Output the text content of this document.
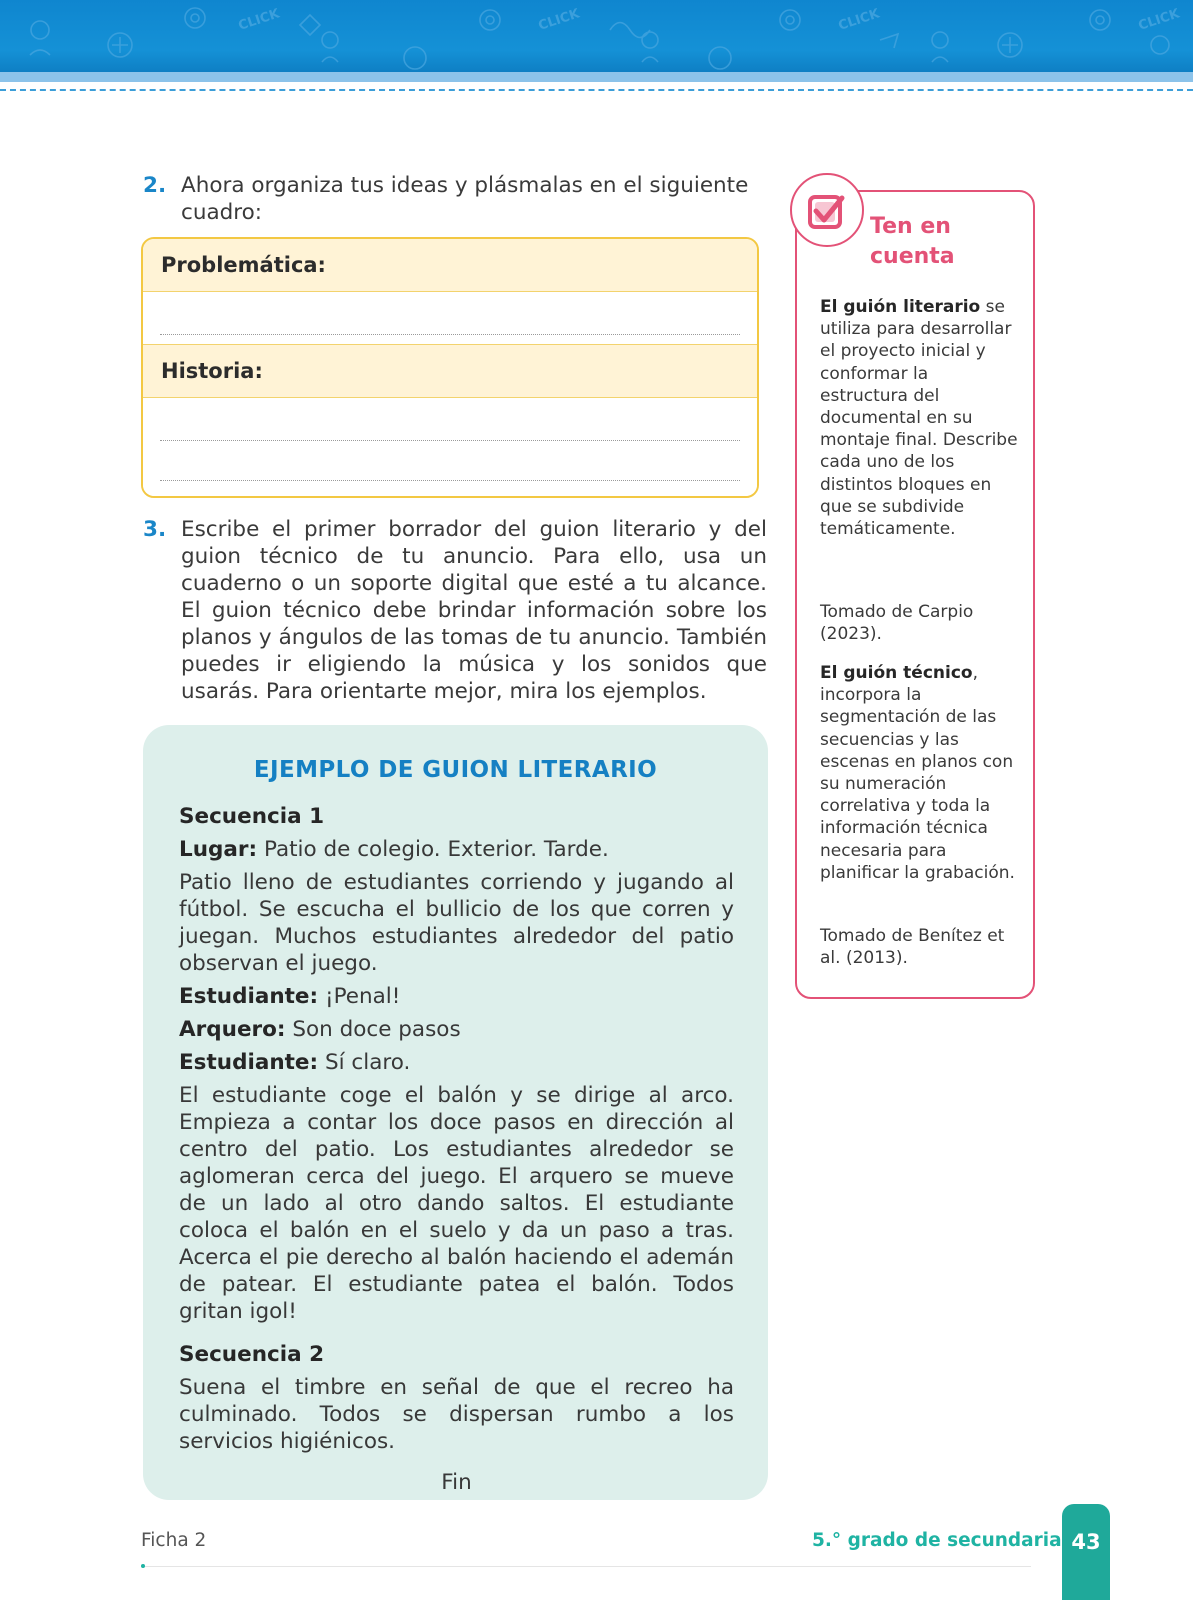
CLICK	CLICK	CLICK	CLICK
2. Ahora organiza tus ideas y plásmalas en el siguiente cuadro:
Problemática:
Historia:
3. Escribe el primer borrador del guion literario y del guion técnico de tu anuncio. Para ello, usa un cuaderno o un soporte digital que esté a tu alcance. El guion técnico debe brindar información sobre los planos y ángulos de las tomas de tu anuncio. También puedes ir eligiendo la música y los sonidos que usarás. Para orientarte mejor, mira los ejemplos.
EJEMPLO DE GUION LITERARIO

Secuencia 1

Lugar: Patio de colegio. Exterior. Tarde.

Patio lleno de estudiantes corriendo y jugando al fútbol. Se escucha el bullicio de los que corren y juegan. Muchos estudiantes alrededor del patio observan el juego.

Estudiante: ¡Penal!

Arquero: Son doce pasos

Estudiante: Sí claro.

El estudiante coge el balón y se dirige al arco. Empieza a contar los doce pasos en dirección al centro del patio. Los estudiantes alrededor se aglomeran cerca del juego. El arquero se mueve de un lado al otro dando saltos. El estudiante coloca el balón en el suelo y da un paso a tras. Acerca el pie derecho al balón haciendo el ademán de patear. El estudiante patea el balón. Todos gritan igol!

Secuencia 2

Suena el timbre en señal de que el recreo ha culminado. Todos se dispersan rumbo a los servicios higiénicos.

Fin

Ten en
cuenta

El guión literario se utiliza para desarrollar el proyecto inicial y conformar la estructura del documental en su montaje final. Describe cada uno de los distintos bloques en que se subdivide temáticamente.

Tomado de Carpio (2023).

El guión técnico, incorpora la segmentación de las secuencias y las escenas en planos con su numeración correlativa y toda la información técnica necesaria para planificar la grabación.

Tomado de Benítez et al. (2013).
Ficha 2	5.° grado de secundaria 43
